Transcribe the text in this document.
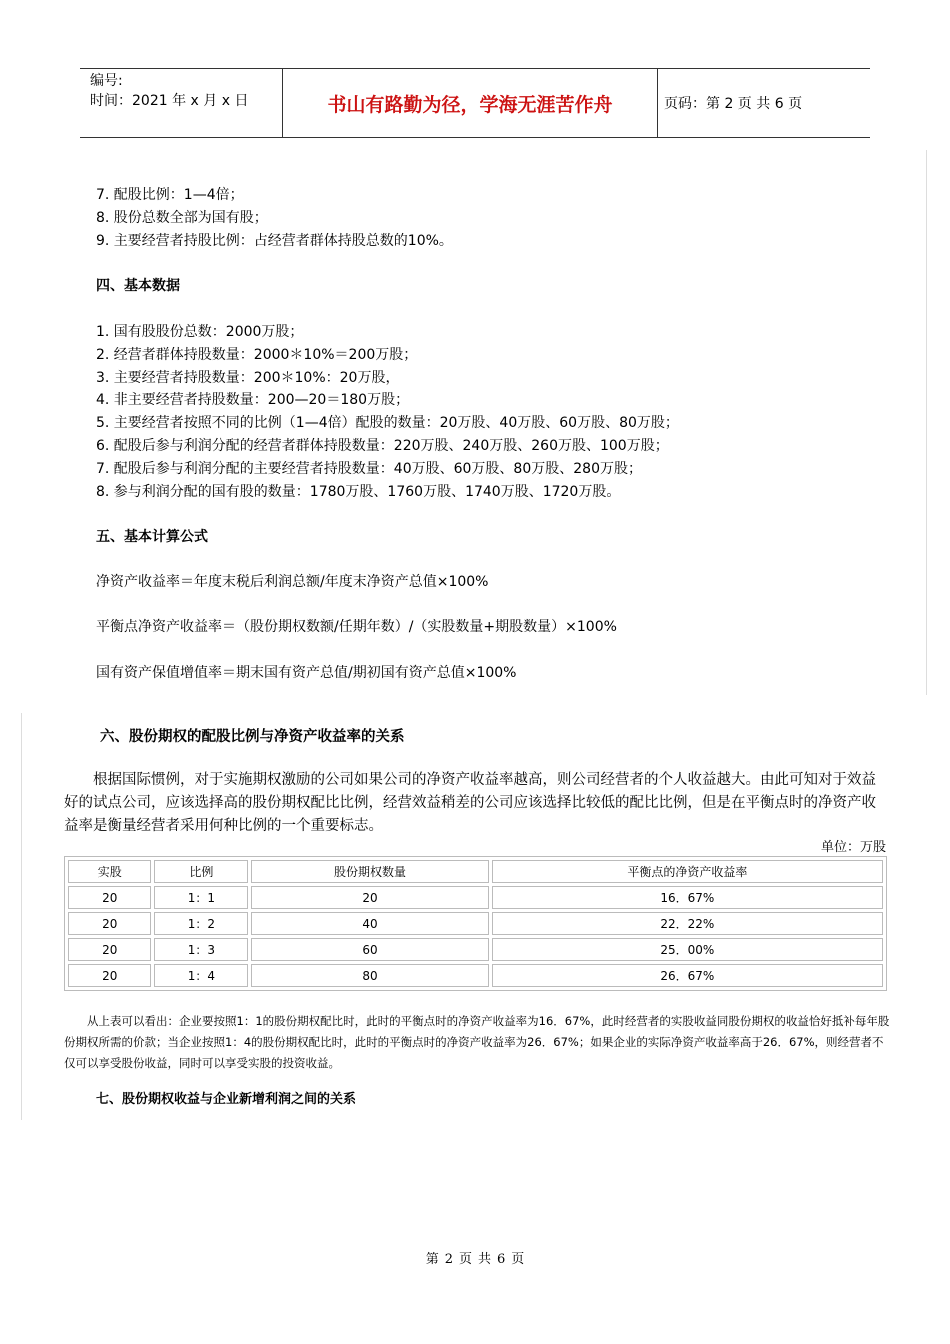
编号:
时间：2021 年 x 月 x 日	书山有路勤为径，学海无涯苦作舟	页码：第 2 页 共 6 页
7. 配股比例：1—4倍；
8. 股份总数全部为国有股；
9. 主要经营者持股比例：占经营者群体持股总数的10%。
四、基本数据
1. 国有股股份总数：2000万股；
2. 经营者群体持股数量：2000＊10%＝200万股；
3. 主要经营者持股数量：200＊10%：20万股，
4. 非主要经营者持股数量：200—20＝180万股；
5. 主要经营者按照不同的比例（1—4倍）配股的数量：20万股、40万股、60万股、80万股；
6. 配股后参与利润分配的经营者群体持股数量：220万股、240万股、260万股、100万股；
7. 配股后参与利润分配的主要经营者持股数量：40万股、60万股、80万股、280万股；
8. 参与利润分配的国有股的数量：1780万股、1760万股、1740万股、1720万股。
五、基本计算公式
净资产收益率＝年度末税后利润总额/年度末净资产总值×100%
平衡点净资产收益率＝（股份期权数额/任期年数）/（实股数量+期股数量）×100%
国有资产保值增值率＝期末国有资产总值/期初国有资产总值×100%
六、股份期权的配股比例与净资产收益率的关系
根据国际惯例，对于实施期权激励的公司如果公司的净资产收益率越高，则公司经营者的个人收益越大。由此可知对于效益好的试点公司，应该选择高的股份期权配比比例，经营效益稍差的公司应该选择比较低的配比比例，但是在平衡点时的净资产收益率是衡量经营者采用何种比例的一个重要标志。
单位：万股
实股	比例	股份期权数量	平衡点的净资产收益率
20	1：1	20	16．67%
20	1：2	40	22．22%
20	1：3	60	25．00%
20	1：4	80	26．67%
从上表可以看出：企业要按照1：1的股份期权配比时，此时的平衡点时的净资产收益率为16．67%，此时经营者的实股收益同股份期权的收益恰好抵补每年股份期权所需的价款；当企业按照1：4的股份期权配比时，此时的平衡点时的净资产收益率为26．67%；如果企业的实际净资产收益率高于26．67%，则经营者不仅可以享受股份收益，同时可以享受实股的投资收益。
七、股份期权收益与企业新增利润之间的关系
第 2 页 共 6 页
